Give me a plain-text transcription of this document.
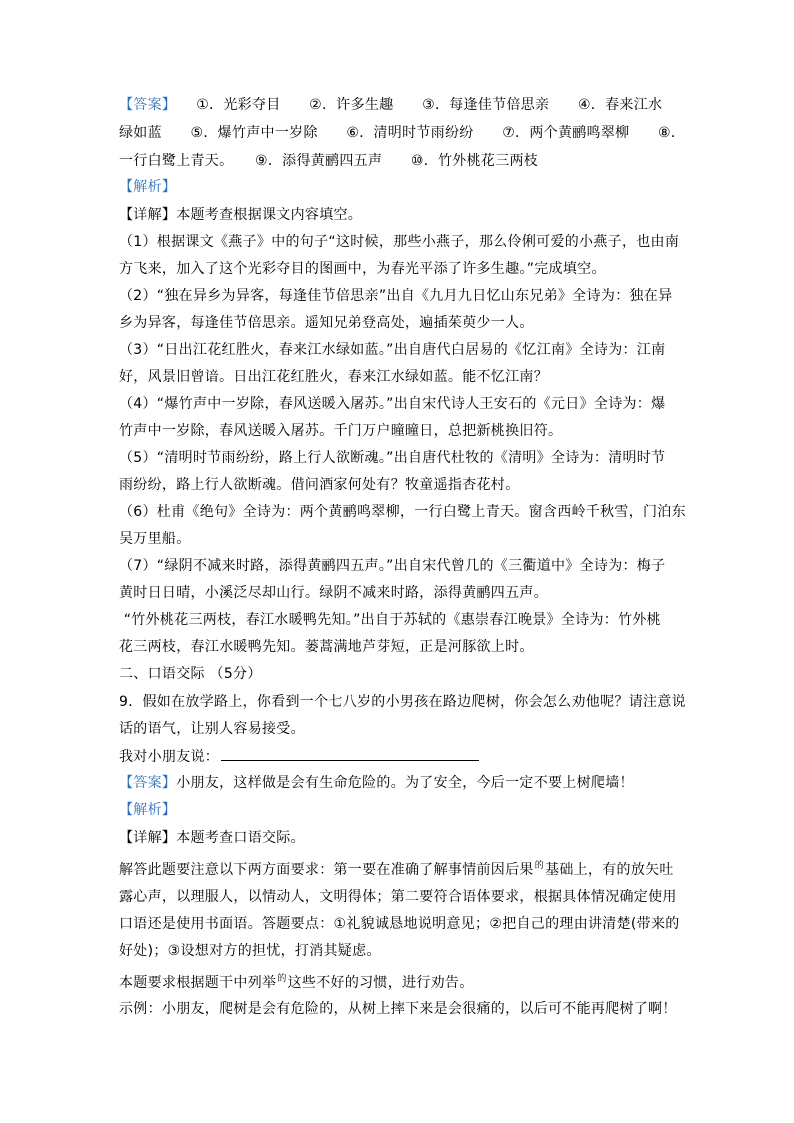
【答案】 ①．光彩夺目　　②．许多生趣　　③．每逢佳节倍思亲　　④．春来江水
绿如蓝　　⑤．爆竹声中一岁除　　⑥．清明时节雨纷纷　　⑦．两个黄鹂鸣翠柳　　⑧．
一行白鹭上青天。　　⑨．添得黄鹂四五声　　⑩．竹外桃花三两枝
【解析】
【详解】本题考查根据课文内容填空。
（1）根据课文《燕子》中的句子“这时候，那些小燕子，那么伶俐可爱的小燕子，也由南
方飞来，加入了这个光彩夺目的图画中，为春光平添了许多生趣。”完成填空。
（2）“独在异乡为异客，每逢佳节倍思亲”出自《九月九日忆山东兄弟》全诗为：独在异
乡为异客，每逢佳节倍思亲。遥知兄弟登高处，遍插茱萸少一人。
（3）“日出江花红胜火，春来江水绿如蓝。”出自唐代白居易的《忆江南》全诗为：江南
好，风景旧曾谙。日出江花红胜火，春来江水绿如蓝。能不忆江南？
（4）“爆竹声中一岁除，春风送暖入屠苏。”出自宋代诗人王安石的《元日》全诗为：爆
竹声中一岁除，春风送暖入屠苏。千门万户曈曈日，总把新桃换旧符。
（5）“清明时节雨纷纷，路上行人欲断魂。”出自唐代杜牧的《清明》全诗为：清明时节
雨纷纷，路上行人欲断魂。借问酒家何处有？牧童遥指杏花村。
（6）杜甫《绝句》全诗为：两个黄鹂鸣翠柳，一行白鹭上青天。窗含西岭千秋雪，门泊东
吴万里船。
（7）“绿阴不减来时路，添得黄鹂四五声。”出自宋代曾几的《三衢道中》全诗为：梅子
黄时日日晴，小溪泛尽却山行。绿阴不减来时路，添得黄鹂四五声。
“竹外桃花三两枝，春江水暖鸭先知。”出自于苏轼的《惠崇春江晚景》全诗为：竹外桃
花三两枝，春江水暖鸭先知。蒌蒿满地芦芽短，正是河豚欲上时。
二、口语交际 （5分）
9．假如在放学路上，你看到一个七八岁的小男孩在路边爬树，你会怎么劝他呢？请注意说
话的语气，让别人容易接受。
我对小朋友说：
【答案】小朋友，这样做是会有生命危险的。为了安全，今后一定不要上树爬墙！
【解析】
【详解】本题考查口语交际。
解答此题要注意以下两方面要求：第一要在准确了解事情前因后果$^的$基础上，有的放矢吐
露心声，以理服人，以情动人，文明得体；第二要符合语体要求，根据具体情况确定使用
口语还是使用书面语。答题要点：①礼貌诚恳地说明意见；②把自己的理由讲清楚(带来的
好处)；③设想对方的担忧，打消其疑虑。
本题要求根据题干中列举$^的$这些不好的习惯，进行劝告。
示例：小朋友，爬树是会有危险的，从树上摔下来是会很痛的，以后可不能再爬树了啊！
